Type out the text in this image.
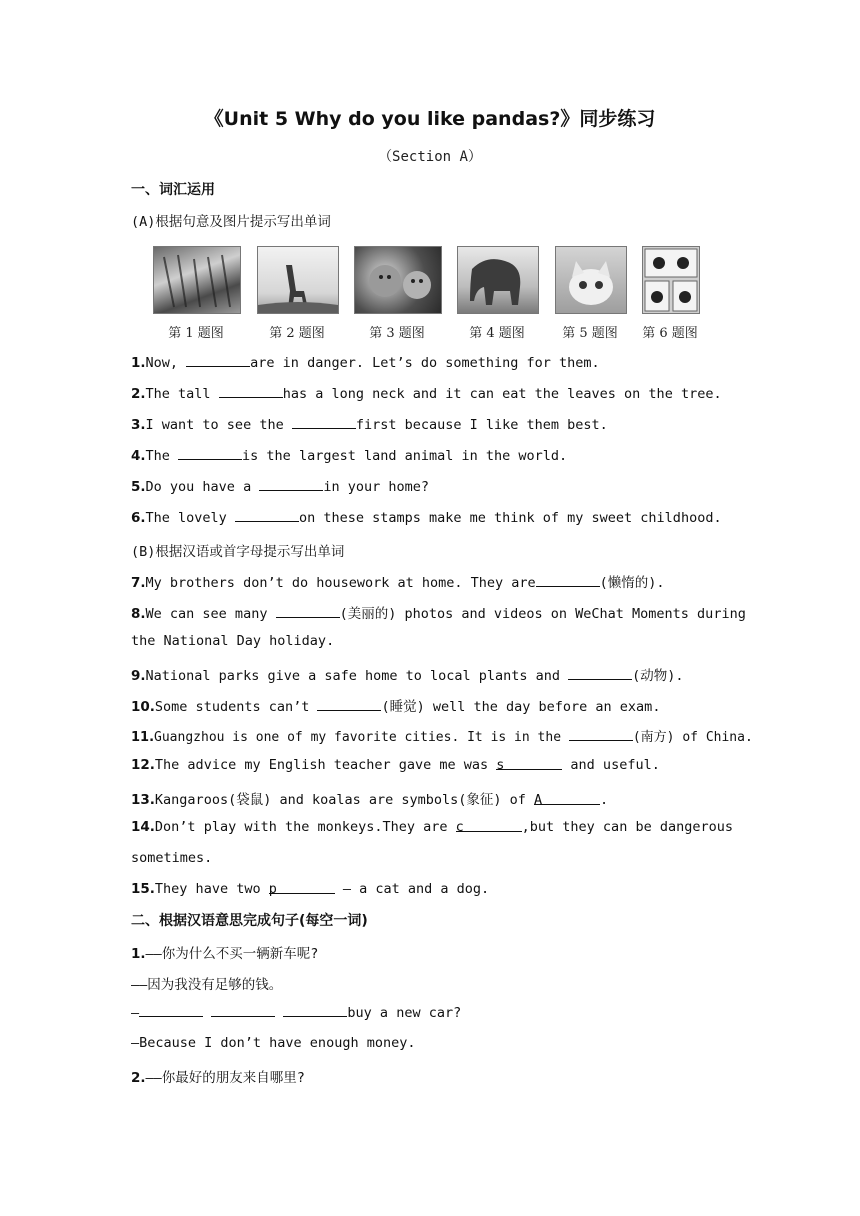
《Unit 5 Why do you like pandas?》同步练习
（Section A）
一、词汇运用
(A)根据句意及图片提示写出单词
第 1 题图	第 2 题图	第 3 题图	第 4 题图	第 5 题图	第 6 题图
1.Now,	are in danger. Let’s do something for them.
2.The tall	has a long neck and it can eat the leaves on the tree.
3.I want to see the	first because I like them best.
4.The	is the largest land animal in the world.
5.Do you have a	in your home?
6.The lovely	on these stamps make me think of my sweet childhood.
(B)根据汉语或首字母提示写出单词
7.My brothers don’t do housework at home. They are	(懒惰的).
8.We can see many	(美丽的) photos and videos on WeChat Moments during
the National Day holiday.
9.National parks give a safe home to local plants and	(动物).
10.Some students can’t	(睡觉) well the day before an exam.
11.Guangzhou is one of my favorite cities. It is in the	(南方) of China.
12.The advice my English teacher gave me was s	and useful.
13.Kangaroos(袋鼠) and koalas are symbols(象征) of A	.
14.Don’t play with the monkeys.They are c	,but they can be dangerous
sometimes.
15.They have two p	— a cat and a dog.
二、根据汉语意思完成句子(每空一词)
1.——你为什么不买一辆新车呢?
——因为我没有足够的钱。
—	buy a new car?
—Because I don’t have enough money.
2.——你最好的朋友来自哪里?
